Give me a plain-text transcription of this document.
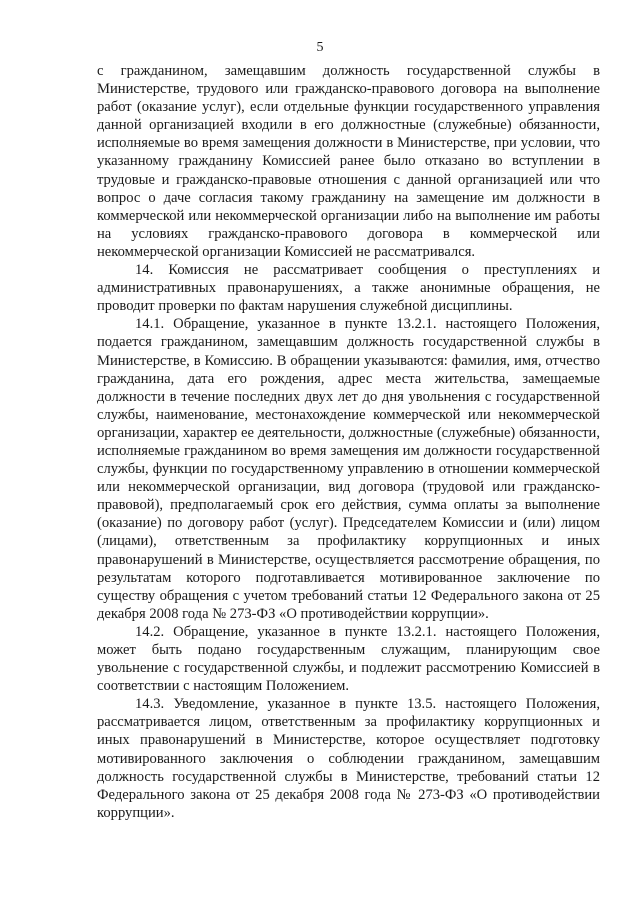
5

с гражданином, замещавшим должность государственной службы в Министерстве, трудового или гражданско-правового договора на выполнение работ (оказание услуг), если отдельные функции государственного управления данной организацией входили в его должностные (служебные) обязанности, исполняемые во время замещения должности в Министерстве, при условии, что указанному гражданину Комиссией ранее было отказано во вступлении в трудовые и гражданско-правовые отношения с данной организацией или что вопрос о даче согласия такому гражданину на замещение им должности в коммерческой или некоммерческой организации либо на выполнение им работы на условиях гражданско-правового договора в коммерческой или некоммерческой организации Комиссией не рассматривался.

14. Комиссия не рассматривает сообщения о преступлениях и административных правонарушениях, а также анонимные обращения, не проводит проверки по фактам нарушения служебной дисциплины.

14.1. Обращение, указанное в пункте 13.2.1. настоящего Положения, подается гражданином, замещавшим должность государственной службы в Министерстве, в Комиссию. В обращении указываются: фамилия, имя, отчество гражданина, дата его рождения, адрес места жительства, замещаемые должности в течение последних двух лет до дня увольнения с государственной службы, наименование, местонахождение коммерческой или некоммерческой организации, характер ее деятельности, должностные (служебные) обязанности, исполняемые гражданином во время замещения им должности государственной службы, функции по государственному управлению в отношении коммерческой или некоммерческой организации, вид договора (трудовой или гражданско-правовой), предполагаемый срок его действия, сумма оплаты за выполнение (оказание) по договору работ (услуг). Председателем Комиссии и (или) лицом (лицами), ответственным за профилактику коррупционных и иных правонарушений в Министерстве, осуществляется рассмотрение обращения, по результатам которого подготавливается мотивированное заключение по существу обращения с учетом требований статьи 12 Федерального закона от 25 декабря 2008 года № 273-ФЗ «О противодействии коррупции».

14.2. Обращение, указанное в пункте 13.2.1. настоящего Положения, может быть подано государственным служащим, планирующим свое увольнение с государственной службы, и подлежит рассмотрению Комиссией в соответствии с настоящим Положением.

14.3. Уведомление, указанное в пункте 13.5. настоящего Положения, рассматривается лицом, ответственным за профилактику коррупционных и иных правонарушений в Министерстве, которое осуществляет подготовку мотивированного заключения о соблюдении гражданином, замещавшим должность государственной службы в Министерстве, требований статьи 12 Федерального закона от 25 декабря 2008 года № 273-ФЗ «О противодействии коррупции».
